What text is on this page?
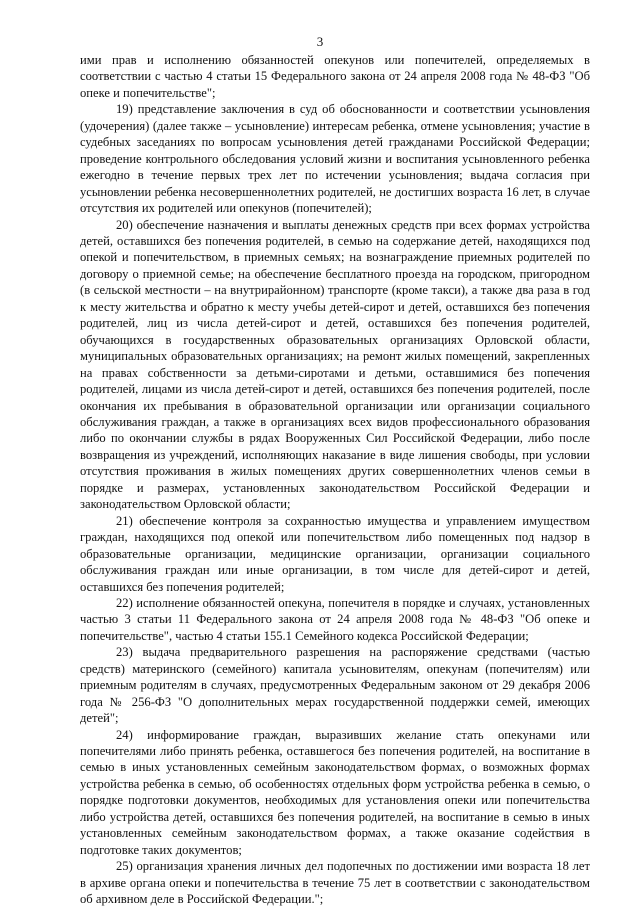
3

ими прав и исполнению обязанностей опекунов или попечителей, определяемых в соответствии с частью 4 статьи 15 Федерального закона от 24 апреля 2008 года № 48-ФЗ "Об опеке и попечительстве";

19) представление заключения в суд об обоснованности и соответствии усыновления (удочерения) (далее также – усыновление) интересам ребенка, отмене усыновления; участие в судебных заседаниях по вопросам усыновления детей гражданами Российской Федерации; проведение контрольного обследования условий жизни и воспитания усыновленного ребенка ежегодно в течение первых трех лет по истечении усыновления; выдача согласия при усыновлении ребенка несовершеннолетних родителей, не достигших возраста 16 лет, в случае отсутствия их родителей или опекунов (попечителей);

20) обеспечение назначения и выплаты денежных средств при всех формах устройства детей, оставшихся без попечения родителей, в семью на содержание детей, находящихся под опекой и попечительством, в приемных семьях; на вознаграждение приемных родителей по договору о приемной семье; на обеспечение бесплатного проезда на городском, пригородном (в сельской местности – на внутрирайонном) транспорте (кроме такси), а также два раза в год к месту жительства и обратно к месту учебы детей-сирот и детей, оставшихся без попечения родителей, лиц из числа детей-сирот и детей, оставшихся без попечения родителей, обучающихся в государственных образовательных организациях Орловской области, муниципальных образовательных организациях; на ремонт жилых помещений, закрепленных на правах собственности за детьми-сиротами и детьми, оставшимися без попечения родителей, лицами из числа детей-сирот и детей, оставшихся без попечения родителей, после окончания их пребывания в образовательной организации или организации социального обслуживания граждан, а также в организациях всех видов профессионального образования либо по окончании службы в рядах Вооруженных Сил Российской Федерации, либо после возвращения из учреждений, исполняющих наказание в виде лишения свободы, при условии отсутствия проживания в жилых помещениях других совершеннолетних членов семьи в порядке и размерах, установленных законодательством Российской Федерации и законодательством Орловской области;

21) обеспечение контроля за сохранностью имущества и управлением имуществом граждан, находящихся под опекой или попечительством либо помещенных под надзор в образовательные организации, медицинские организации, организации социального обслуживания граждан или иные организации, в том числе для детей-сирот и детей, оставшихся без попечения родителей;

22) исполнение обязанностей опекуна, попечителя в порядке и случаях, установленных частью 3 статьи 11 Федерального закона от 24 апреля 2008 года № 48-ФЗ "Об опеке и попечительстве", частью 4 статьи 155.1 Семейного кодекса Российской Федерации;

23) выдача предварительного разрешения на распоряжение средствами (частью средств) материнского (семейного) капитала усыновителям, опекунам (попечителям) или приемным родителям в случаях, предусмотренных Федеральным законом от 29 декабря 2006 года № 256-ФЗ "О дополнительных мерах государственной поддержки семей, имеющих детей";

24) информирование граждан, выразивших желание стать опекунами или попечителями либо принять ребенка, оставшегося без попечения родителей, на воспитание в семью в иных установленных семейным законодательством формах, о возможных формах устройства ребенка в семью, об особенностях отдельных форм устройства ребенка в семью, о порядке подготовки документов, необходимых для установления опеки или попечительства либо устройства детей, оставшихся без попечения родителей, на воспитание в семью в иных установленных семейным законодательством формах, а также оказание содействия в подготовке таких документов;

25) организация хранения личных дел подопечных по достижении ими возраста 18 лет в архиве органа опеки и попечительства в течение 75 лет в соответствии с законодательством об архивном деле в Российской Федерации.";
